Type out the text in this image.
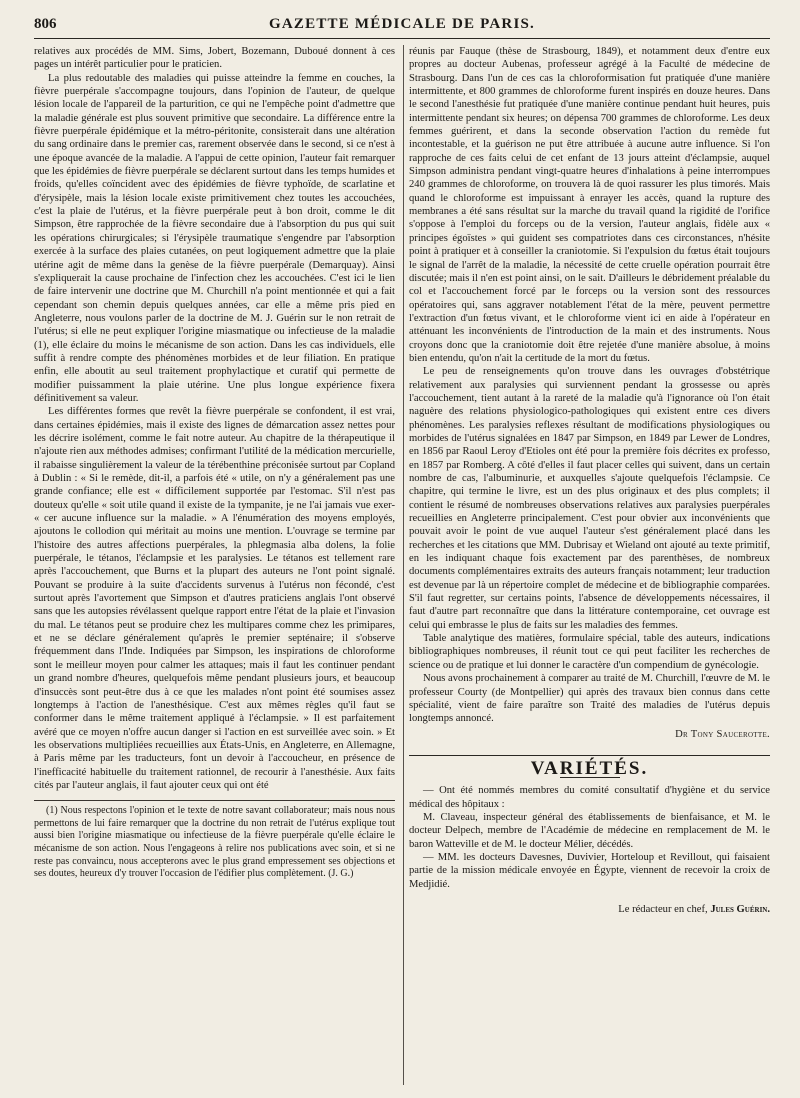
806	GAZETTE MÉDICALE DE PARIS.

relatives aux procédés de MM. Sims, Jobert, Bozemann, Duboué donnent à ces pages un intérêt particulier pour le praticien.

La plus redoutable des maladies qui puisse atteindre la femme en couches, la fièvre puerpérale s'accompagne toujours, dans l'opinion de l'auteur, de quelque lésion locale de l'appareil de la parturition, ce qui ne l'empêche point d'admettre que la maladie générale est plus souvent primitive que secondaire. La différence entre la fièvre puerpérale épidémique et la métro-péritonite, consisterait dans une altération du sang ordinaire dans le premier cas, rarement observée dans le second, si ce n'est à une époque avancée de la maladie. A l'appui de cette opinion, l'auteur fait remarquer que les épidémies de fièvre puerpérale se déclarent surtout dans les temps humides et froids, qu'elles coïncident avec des épidémies de fièvre typhoïde, de scarlatine et d'érysipèle, mais la lésion locale existe primitivement chez toutes les accouchées, c'est la plaie de l'utérus, et la fièvre puerpérale peut à bon droit, comme le dit Simpson, être rapprochée de la fièvre secondaire due à l'absorption du pus qui suit les opérations chirurgicales; si l'érysipèle traumatique s'engendre par l'absorption exercée à la surface des plaies cutanées, on peut logiquement admettre que la plaie utérine agit de même dans la genèse de la fièvre puerpérale (Demarquay). Ainsi s'expliquerait la cause prochaine de l'infection chez les accouchées. C'est ici le lien de faire intervenir une doctrine que M. Churchill n'a point mentionnée et qui a fait cependant son chemin depuis quelques années, car elle a même pris pied en Angleterre, nous voulons parler de la doctrine de M. J. Guérin sur le non retrait de l'utérus; si elle ne peut expliquer l'origine miasmatique ou infectieuse de la maladie (1), elle éclaire du moins le mécanisme de son action. Dans les cas individuels, elle suffit à rendre compte des phénomènes morbides et de leur filiation. En pratique enfin, elle aboutit au seul traitement prophylactique et curatif qui permette de modifier puissamment la plaie utérine. Une plus longue expérience fixera définitivement sa valeur.

Les différentes formes que revêt la fièvre puerpérale se confondent, il est vrai, dans certaines épidémies, mais il existe des lignes de démarcation assez nettes pour les décrire isolément, comme le fait notre auteur. Au chapitre de la thérapeutique il n'ajoute rien aux méthodes admises; confirmant l'utilité de la médication mercurielle, il rabaisse singulièrement la valeur de la térébenthine préconisée surtout par Copland à Dublin : « Si le remède, dit-il, a parfois été « utile, on n'y a généralement pas une grande confiance; elle est « difficilement supportée par l'estomac. S'il n'est pas douteux qu'elle « soit utile quand il existe de la tympanite, je ne l'ai jamais vue exer- « cer aucune influence sur la maladie. » A l'énumération des moyens employés, ajoutons le collodion qui méritait au moins une mention. L'ouvrage se termine par l'histoire des autres affections puerpérales, la phlegmasia alba dolens, la folie puerpérale, le tétanos, l'éclampsie et les paralysies. Le tétanos est tellement rare après l'accouchement, que Burns et la plupart des auteurs ne l'ont point signalé. Pouvant se produire à la suite d'accidents survenus à l'utérus non fécondé, c'est surtout après l'avortement que Simpson et d'autres praticiens anglais l'ont observé sans que les autopsies révélassent quelque rapport entre l'état de la plaie et l'invasion du mal. Le tétanos peut se produire chez les multipares comme chez les primipares, et ne se déclare généralement qu'après le premier septénaire; il s'observe fréquemment dans l'Inde. Indiquées par Simpson, les inspirations de chloroforme sont le meilleur moyen pour calmer les attaques; mais il faut les continuer pendant un grand nombre d'heures, quelquefois même pendant plusieurs jours, et beaucoup d'insuccès sont peut-être dus à ce que les malades n'ont point été soumises assez longtemps à l'action de l'anesthésique. C'est aux mêmes règles qu'il faut se conformer dans le même traitement appliqué à l'éclampsie. » Il est parfaitement avéré que ce moyen n'offre aucun danger si l'action en est surveillée avec soin. » Et les observations multipliées recueillies aux États-Unis, en Angleterre, en Allemagne, à Paris même par les traducteurs, font un devoir à l'accoucheur, en présence de l'inefficacité habituelle du traitement rationnel, de recourir à l'anesthésie. Aux faits cités par l'auteur anglais, il faut ajouter ceux qui ont été

(1) Nous respectons l'opinion et le texte de notre savant collaborateur; mais nous nous permettons de lui faire remarquer que la doctrine du non retrait de l'utérus explique tout aussi bien l'origine miasmatique ou infectieuse de la fièvre puerpérale qu'elle éclaire le mécanisme de son action. Nous l'engageons à relire nos publications avec soin, et si ne reste pas convaincu, nous accepterons avec le plus grand empressement ses objections et ses doutes, heureux d'y trouver l'occasion de l'édifier plus complètement. (J. G.)

réunis par Fauque (thèse de Strasbourg, 1849), et notamment deux d'entre eux propres au docteur Aubenas, professeur agrégé à la Faculté de médecine de Strasbourg. Dans l'un de ces cas la chloroformisation fut pratiquée d'une manière intermittente, et 800 grammes de chloroforme furent inspirés en douze heures. Dans le second l'anesthésie fut pratiquée d'une manière continue pendant huit heures, puis intermittente pendant six heures; on dépensa 700 grammes de chloroforme. Les deux femmes guérirent, et dans la seconde observation l'action du remède fut incontestable, et la guérison ne put être attribuée à aucune autre influence. Si l'on rapproche de ces faits celui de cet enfant de 13 jours atteint d'éclampsie, auquel Simpson administra pendant vingt-quatre heures d'inhalations à peine interrompues 240 grammes de chloroforme, on trouvera là de quoi rassurer les plus timorés. Mais quand le chloroforme est impuissant à enrayer les accès, quand la rupture des membranes a été sans résultat sur la marche du travail quand la rigidité de l'orifice s'oppose à l'emploi du forceps ou de la version, l'auteur anglais, fidèle aux « principes égoïstes » qui guident ses compatriotes dans ces circonstances, n'hésite point à pratiquer et à conseiller la craniotomie. Si l'expulsion du fœtus était toujours le signal de l'arrêt de la maladie, la nécessité de cette cruelle opération pourrait être discutée; mais il n'en est point ainsi, on le sait. D'ailleurs le débridement préalable du col et l'accouchement forcé par le forceps ou la version sont des ressources opératoires qui, sans aggraver notablement l'état de la mère, peuvent permettre l'extraction d'un fœtus vivant, et le chloroforme vient ici en aide à l'opérateur en atténuant les inconvénients de l'introduction de la main et des instruments. Nous croyons donc que la craniotomie doit être rejetée d'une manière absolue, à moins bien entendu, qu'on n'ait la certitude de la mort du fœtus.

Le peu de renseignements qu'on trouve dans les ouvrages d'obstétrique relativement aux paralysies qui surviennent pendant la grossesse ou après l'accouchement, tient autant à la rareté de la maladie qu'à l'ignorance où l'on était naguère des relations physiologico-pathologiques qui existent entre ces divers phénomènes. Les paralysies reflexes résultant de modifications physiologiques ou morbides de l'utérus signalées en 1847 par Simpson, en 1849 par Lewer de Londres, en 1856 par Raoul Leroy d'Etioles ont été pour la première fois décrites ex professo, en 1857 par Romberg. A côté d'elles il faut placer celles qui suivent, dans un certain nombre de cas, l'albuminurie, et auxquelles s'ajoute quelquefois l'éclampsie. Ce chapitre, qui termine le livre, est un des plus originaux et des plus complets; il contient le résumé de nombreuses observations relatives aux paralysies puerpérales recueillies en Angleterre principalement. C'est pour obvier aux inconvénients que pouvait avoir le point de vue auquel l'auteur s'est généralement placé dans les recherches et les citations que MM. Dubrisay et Wieland ont ajouté au texte primitif, en les indiquant chaque fois exactement par des parenthèses, de nombreux documents complémentaires extraits des auteurs français notamment; leur traduction est devenue par là un répertoire complet de médecine et de bibliographie comparées. S'il faut regretter, sur certains points, l'absence de développements nécessaires, il faut d'autre part reconnaître que dans la littérature contemporaine, cet ouvrage est celui qui embrasse le plus de faits sur les maladies des femmes.

Table analytique des matières, formulaire spécial, table des auteurs, indications bibliographiques nombreuses, il réunit tout ce qui peut faciliter les recherches de science ou de pratique et lui donner le caractère d'un compendium de gynécologie.

Nous avons prochainement à comparer au traité de M. Churchill, l'œuvre de M. le professeur Courty (de Montpellier) qui après des travaux bien connus dans cette spécialité, vient de faire paraître son Traité des maladies de l'utérus depuis longtemps annoncé.

Dr Tony Saucerotte.
VARIÉTÉS.

— Ont été nommés membres du comité consultatif d'hygiène et du service médical des hôpitaux :

M. Claveau, inspecteur général des établissements de bienfaisance, et M. le docteur Delpech, membre de l'Académie de médecine en remplacement de M. le baron Watteville et de M. le docteur Mélier, décédés.

— MM. les docteurs Davesnes, Duvivier, Horteloup et Revillout, qui faisaient partie de la mission médicale envoyée en Égypte, viennent de recevoir la croix de Medjidié.

Le rédacteur en chef, Jules Guérin.
